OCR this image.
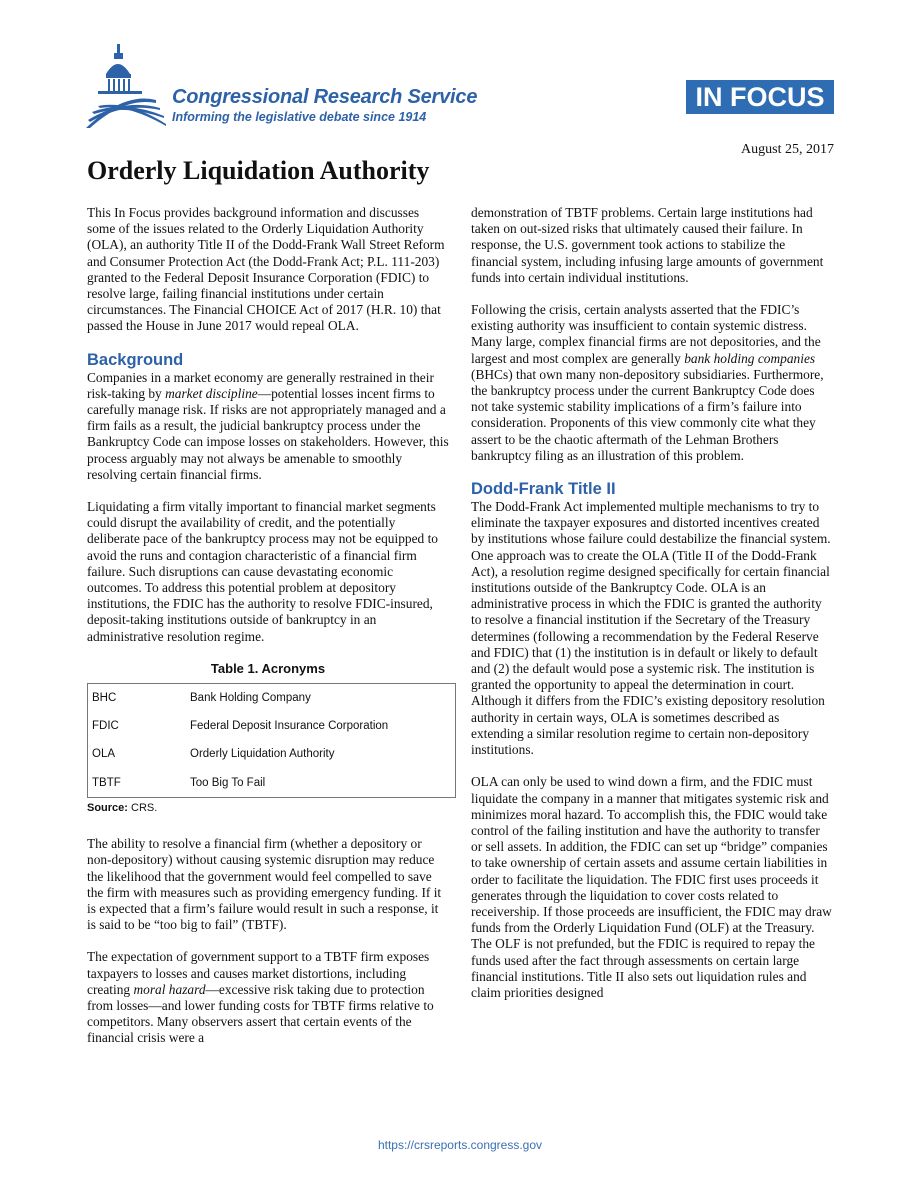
Congressional Research Service
Informing the legislative debate since 1914
IN FOCUS
August 25, 2017
Orderly Liquidation Authority

This In Focus provides background information and discusses some of the issues related to the Orderly Liquidation Authority (OLA), an authority Title II of the Dodd-Frank Wall Street Reform and Consumer Protection Act (the Dodd-Frank Act; P.L. 111-203) granted to the Federal Deposit Insurance Corporation (FDIC) to resolve large, failing financial institutions under certain circumstances. The Financial CHOICE Act of 2017 (H.R. 10) that passed the House in June 2017 would repeal OLA.

Background

Companies in a market economy are generally restrained in their risk-taking by market discipline—potential losses incent firms to carefully manage risk. If risks are not appropriately managed and a firm fails as a result, the judicial bankruptcy process under the Bankruptcy Code can impose losses on stakeholders. However, this process arguably may not always be amenable to smoothly resolving certain financial firms.

Liquidating a firm vitally important to financial market segments could disrupt the availability of credit, and the potentially deliberate pace of the bankruptcy process may not be equipped to avoid the runs and contagion characteristic of a financial firm failure. Such disruptions can cause devastating economic outcomes. To address this potential problem at depository institutions, the FDIC has the authority to resolve FDIC-insured, deposit-taking institutions outside of bankruptcy in an administrative resolution regime.

Table 1. Acronyms
BHC	Bank Holding Company
FDIC	Federal Deposit Insurance Corporation
OLA	Orderly Liquidation Authority
TBTF	Too Big To Fail
Source: CRS.

The ability to resolve a financial firm (whether a depository or non-depository) without causing systemic disruption may reduce the likelihood that the government would feel compelled to save the firm with measures such as providing emergency funding. If it is expected that a firm’s failure would result in such a response, it is said to be “too big to fail” (TBTF).

The expectation of government support to a TBTF firm exposes taxpayers to losses and causes market distortions, including creating moral hazard—excessive risk taking due to protection from losses—and lower funding costs for TBTF firms relative to competitors. Many observers assert that certain events of the financial crisis were a

demonstration of TBTF problems. Certain large institutions had taken on out-sized risks that ultimately caused their failure. In response, the U.S. government took actions to stabilize the financial system, including infusing large amounts of government funds into certain individual institutions.

Following the crisis, certain analysts asserted that the FDIC’s existing authority was insufficient to contain systemic distress. Many large, complex financial firms are not depositories, and the largest and most complex are generally bank holding companies (BHCs) that own many non-depository subsidiaries. Furthermore, the bankruptcy process under the current Bankruptcy Code does not take systemic stability implications of a firm’s failure into consideration. Proponents of this view commonly cite what they assert to be the chaotic aftermath of the Lehman Brothers bankruptcy filing as an illustration of this problem.

Dodd-Frank Title II

The Dodd-Frank Act implemented multiple mechanisms to try to eliminate the taxpayer exposures and distorted incentives created by institutions whose failure could destabilize the financial system. One approach was to create the OLA (Title II of the Dodd-Frank Act), a resolution regime designed specifically for certain financial institutions outside of the Bankruptcy Code. OLA is an administrative process in which the FDIC is granted the authority to resolve a financial institution if the Secretary of the Treasury determines (following a recommendation by the Federal Reserve and FDIC) that (1) the institution is in default or likely to default and (2) the default would pose a systemic risk. The institution is granted the opportunity to appeal the determination in court. Although it differs from the FDIC’s existing depository resolution authority in certain ways, OLA is sometimes described as extending a similar resolution regime to certain non-depository institutions.

OLA can only be used to wind down a firm, and the FDIC must liquidate the company in a manner that mitigates systemic risk and minimizes moral hazard. To accomplish this, the FDIC would take control of the failing institution and have the authority to transfer or sell assets. In addition, the FDIC can set up “bridge” companies to take ownership of certain assets and assume certain liabilities in order to facilitate the liquidation. The FDIC first uses proceeds it generates through the liquidation to cover costs related to receivership. If those proceeds are insufficient, the FDIC may draw funds from the Orderly Liquidation Fund (OLF) at the Treasury. The OLF is not prefunded, but the FDIC is required to repay the funds used after the fact through assessments on certain large financial institutions. Title II also sets out liquidation rules and claim priorities designed

https://crsreports.congress.gov
